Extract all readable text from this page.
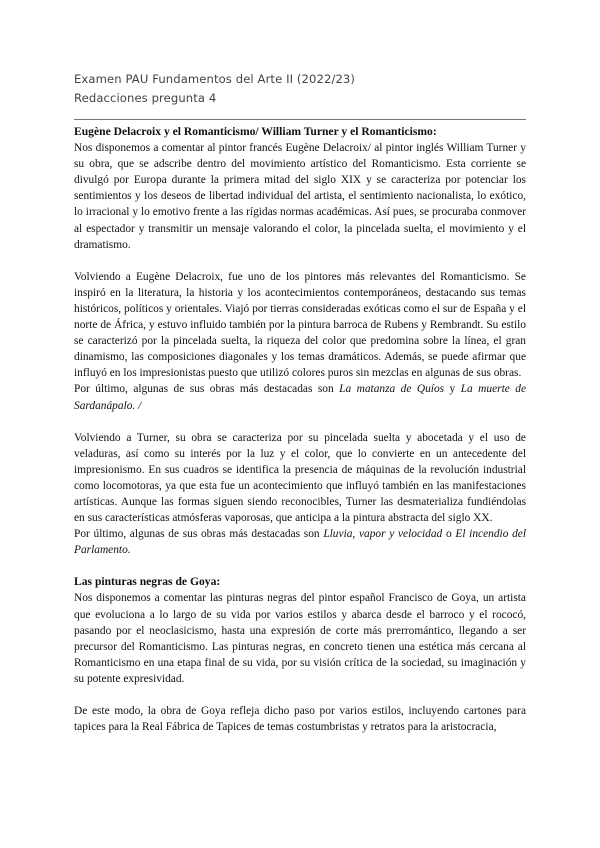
Examen PAU Fundamentos del Arte II (2022/23)
Redacciones pregunta 4
Eugène Delacroix y el Romanticismo/ William Turner y el Romanticismo:

Nos disponemos a comentar al pintor francés Eugène Delacroix/ al pintor inglés William Turner y su obra, que se adscribe dentro del movimiento artístico del Romanticismo. Esta corriente se divulgó por Europa durante la primera mitad del siglo XIX y se caracteriza por potenciar los sentimientos y los deseos de libertad individual del artista, el sentimiento nacionalista, lo exótico, lo irracional y lo emotivo frente a las rígidas normas académicas. Así pues, se procuraba conmover al espectador y transmitir un mensaje valorando el color, la pincelada suelta, el movimiento y el dramatismo.

Volviendo a Eugène Delacroix, fue uno de los pintores más relevantes del Romanticismo. Se inspiró en la literatura, la historia y los acontecimientos contemporáneos, destacando sus temas históricos, políticos y orientales. Viajó por tierras consideradas exóticas como el sur de España y el norte de África, y estuvo influido también por la pintura barroca de Rubens y Rembrandt. Su estilo se caracterizó por la pincelada suelta, la riqueza del color que predomina sobre la línea, el gran dinamismo, las composiciones diagonales y los temas dramáticos. Además, se puede afirmar que influyó en los impresionistas puesto que utilizó colores puros sin mezclas en algunas de sus obras.

Por último, algunas de sus obras más destacadas son La matanza de Quíos y La muerte de Sardanápalo. /

Volviendo a Turner, su obra se caracteriza por su pincelada suelta y abocetada y el uso de veladuras, así como su interés por la luz y el color, que lo convierte en un antecedente del impresionismo. En sus cuadros se identifica la presencia de máquinas de la revolución industrial como locomotoras, ya que esta fue un acontecimiento que influyó también en las manifestaciones artísticas. Aunque las formas siguen siendo reconocibles, Turner las desmaterializa fundiéndolas en sus características atmósferas vaporosas, que anticipa a la pintura abstracta del siglo XX.

Por último, algunas de sus obras más destacadas son Lluvia, vapor y velocidad o El incendio del Parlamento.

Las pinturas negras de Goya:

Nos disponemos a comentar las pinturas negras del pintor español Francisco de Goya, un artista que evoluciona a lo largo de su vida por varios estilos y abarca desde el barroco y el rococó, pasando por el neoclasicismo, hasta una expresión de corte más prerromántico, llegando a ser precursor del Romanticismo. Las pinturas negras, en concreto tienen una estética más cercana al Romanticismo en una etapa final de su vida, por su visión crítica de la sociedad, su imaginación y su potente expresividad.

De este modo, la obra de Goya refleja dicho paso por varios estilos, incluyendo cartones para tapices para la Real Fábrica de Tapices de temas costumbristas y retratos para la aristocracia,
